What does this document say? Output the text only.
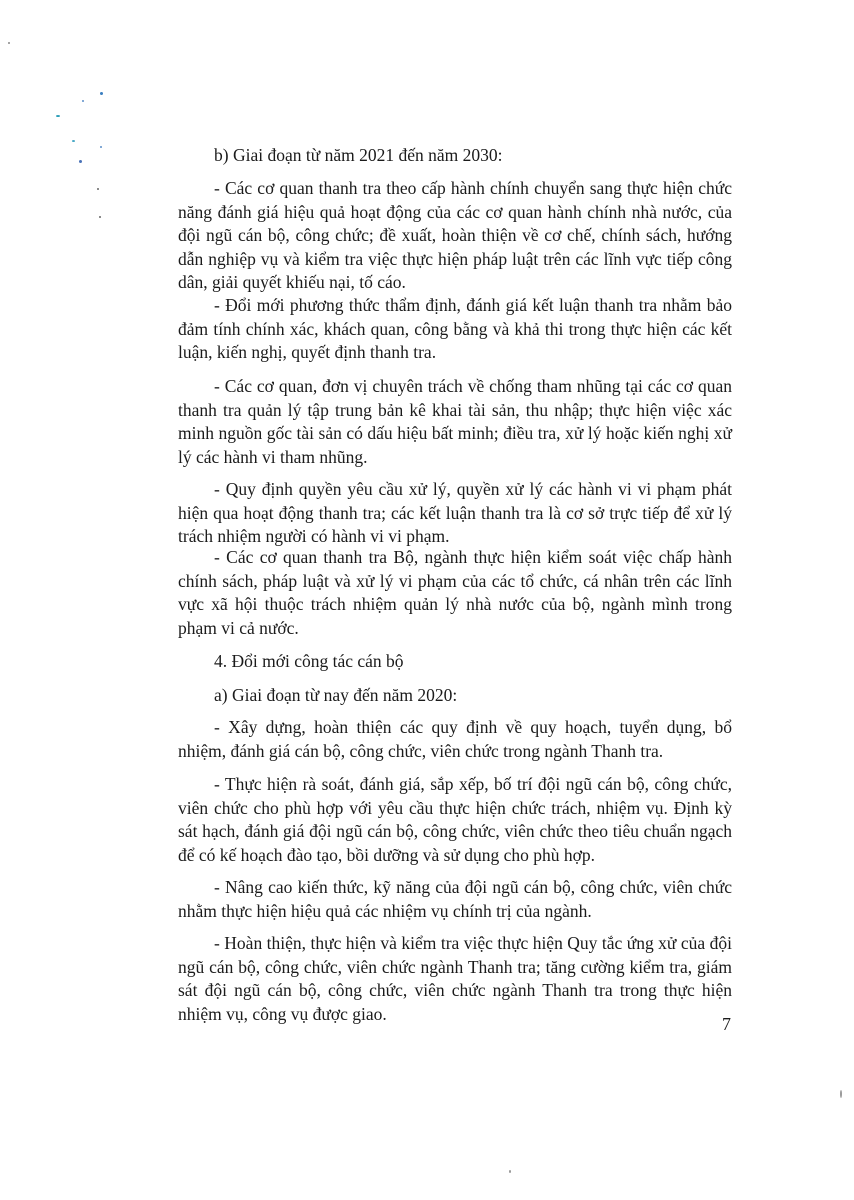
b) Giai đoạn từ năm 2021 đến năm 2030:

- Các cơ quan thanh tra theo cấp hành chính chuyển sang thực hiện chức năng đánh giá hiệu quả hoạt động của các cơ quan hành chính nhà nước, của đội ngũ cán bộ, công chức; đề xuất, hoàn thiện về cơ chế, chính sách, hướng dẫn nghiệp vụ và kiểm tra việc thực hiện pháp luật trên các lĩnh vực tiếp công dân, giải quyết khiếu nại, tố cáo.

- Đổi mới phương thức thẩm định, đánh giá kết luận thanh tra nhằm bảo đảm tính chính xác, khách quan, công bằng và khả thi trong thực hiện các kết luận, kiến nghị, quyết định thanh tra.

- Các cơ quan, đơn vị chuyên trách về chống tham nhũng tại các cơ quan thanh tra quản lý tập trung bản kê khai tài sản, thu nhập; thực hiện việc xác minh nguồn gốc tài sản có dấu hiệu bất minh; điều tra, xử lý hoặc kiến nghị xử lý các hành vi tham nhũng.

- Quy định quyền yêu cầu xử lý, quyền xử lý các hành vi vi phạm phát hiện qua hoạt động thanh tra; các kết luận thanh tra là cơ sở trực tiếp để xử lý trách nhiệm người có hành vi vi phạm.

- Các cơ quan thanh tra Bộ, ngành thực hiện kiểm soát việc chấp hành chính sách, pháp luật và xử lý vi phạm của các tổ chức, cá nhân trên các lĩnh vực xã hội thuộc trách nhiệm quản lý nhà nước của bộ, ngành mình trong phạm vi cả nước.

4. Đổi mới công tác cán bộ
a) Giai đoạn từ nay đến năm 2020:

- Xây dựng, hoàn thiện các quy định về quy hoạch, tuyển dụng, bổ nhiệm, đánh giá cán bộ, công chức, viên chức trong ngành Thanh tra.

- Thực hiện rà soát, đánh giá, sắp xếp, bố trí đội ngũ cán bộ, công chức, viên chức cho phù hợp với yêu cầu thực hiện chức trách, nhiệm vụ. Định kỳ sát hạch, đánh giá đội ngũ cán bộ, công chức, viên chức theo tiêu chuẩn ngạch để có kế hoạch đào tạo, bồi dưỡng và sử dụng cho phù hợp.

- Nâng cao kiến thức, kỹ năng của đội ngũ cán bộ, công chức, viên chức nhằm thực hiện hiệu quả các nhiệm vụ chính trị của ngành.

- Hoàn thiện, thực hiện và kiểm tra việc thực hiện Quy tắc ứng xử của đội ngũ cán bộ, công chức, viên chức ngành Thanh tra; tăng cường kiểm tra, giám sát đội ngũ cán bộ, công chức, viên chức ngành Thanh tra trong thực hiện nhiệm vụ, công vụ được giao.

7
